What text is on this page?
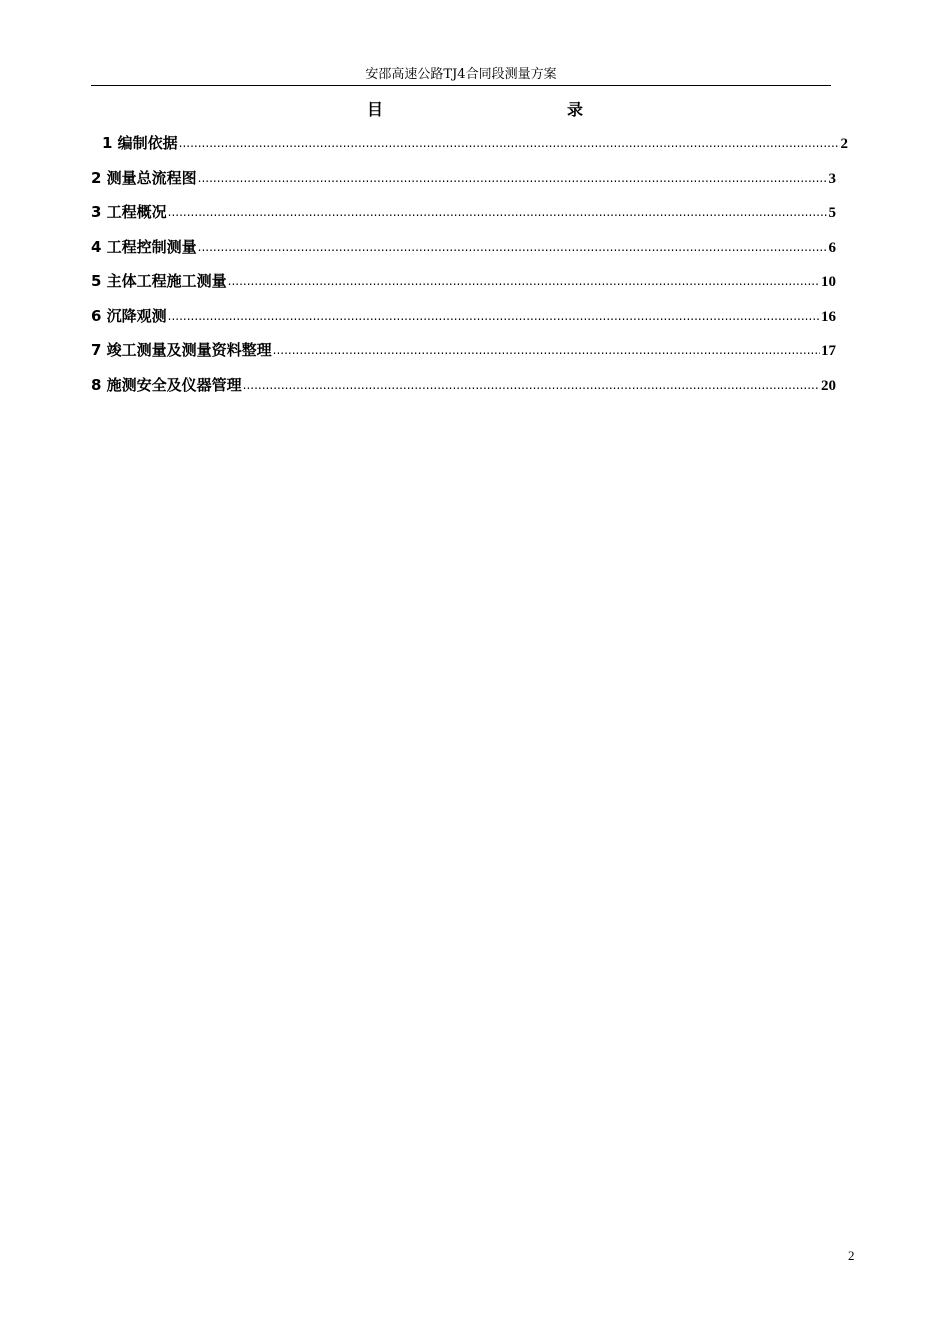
安邵高速公路TJ4合同段测量方案
目	录
1 编制依据 .....	2
2 测量总流程图 .....	3
3 工程概况 .....	5
4 工程控制测量 .....	6
5 主体工程施工测量 .....	10
6 沉降观测 .....	16
7 竣工测量及测量资料整理 .....	17
8 施测安全及仪器管理 .....	20
2
